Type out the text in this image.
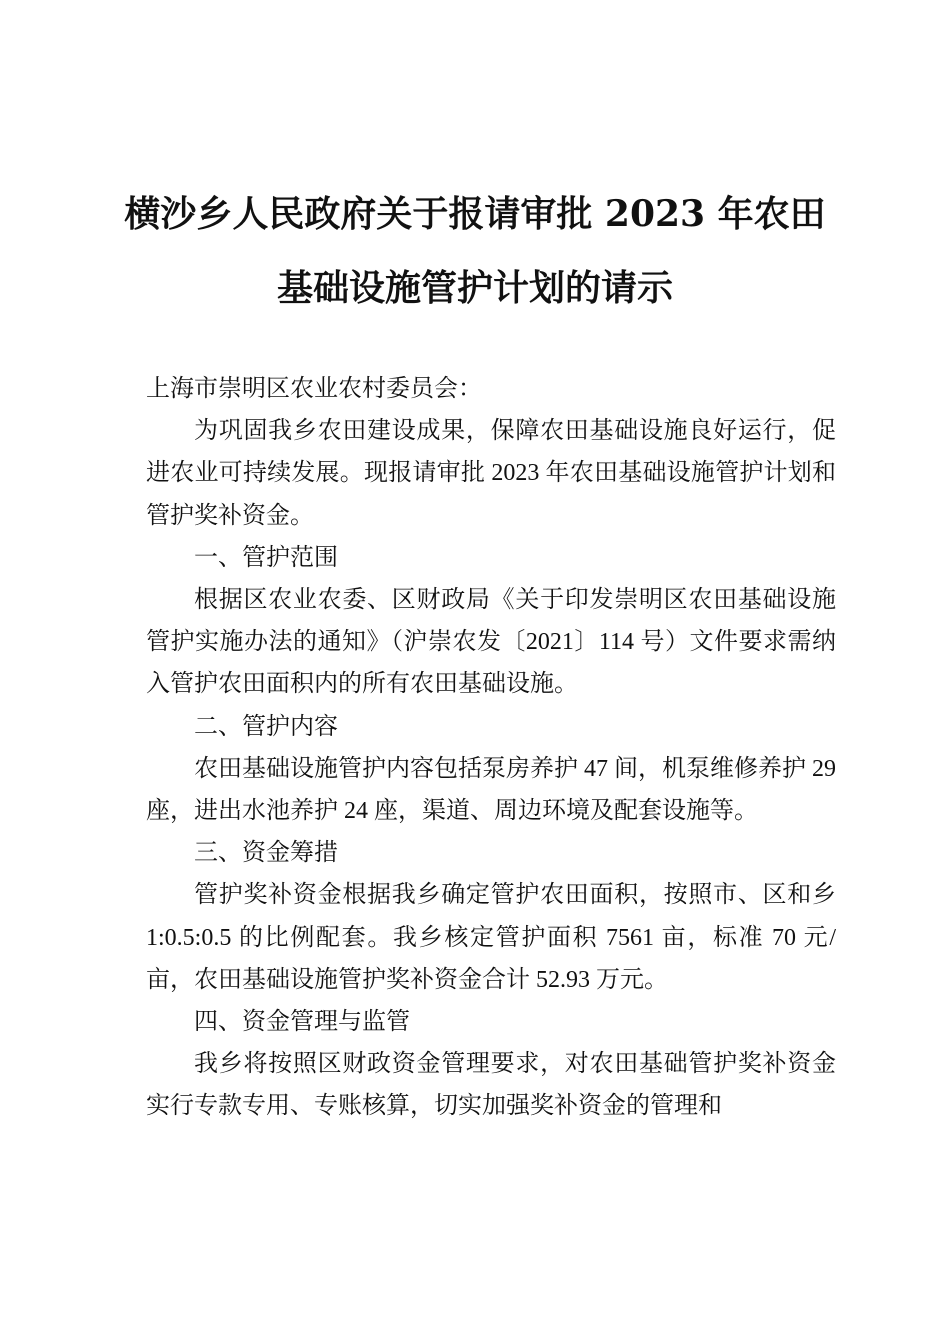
横沙乡人民政府关于报请审批 2023 年农田
基础设施管护计划的请示

上海市崇明区农业农村委员会：

为巩固我乡农田建设成果，保障农田基础设施良好运行，促进农业可持续发展。现报请审批 2023 年农田基础设施管护计划和管护奖补资金。

一、管护范围

根据区农业农委、区财政局《关于印发崇明区农田基础设施管护实施办法的通知》（沪崇农发〔2021〕114 号）文件要求需纳入管护农田面积内的所有农田基础设施。

二、管护内容

农田基础设施管护内容包括泵房养护 47 间，机泵维修养护 29 座，进出水池养护 24 座，渠道、周边环境及配套设施等。

三、资金筹措

管护奖补资金根据我乡确定管护农田面积，按照市、区和乡 1:0.5:0.5 的比例配套。我乡核定管护面积 7561 亩，标准 70 元/亩，农田基础设施管护奖补资金合计 52.93 万元。

四、资金管理与监管

我乡将按照区财政资金管理要求，对农田基础管护奖补资金实行专款专用、专账核算，切实加强奖补资金的管理和
